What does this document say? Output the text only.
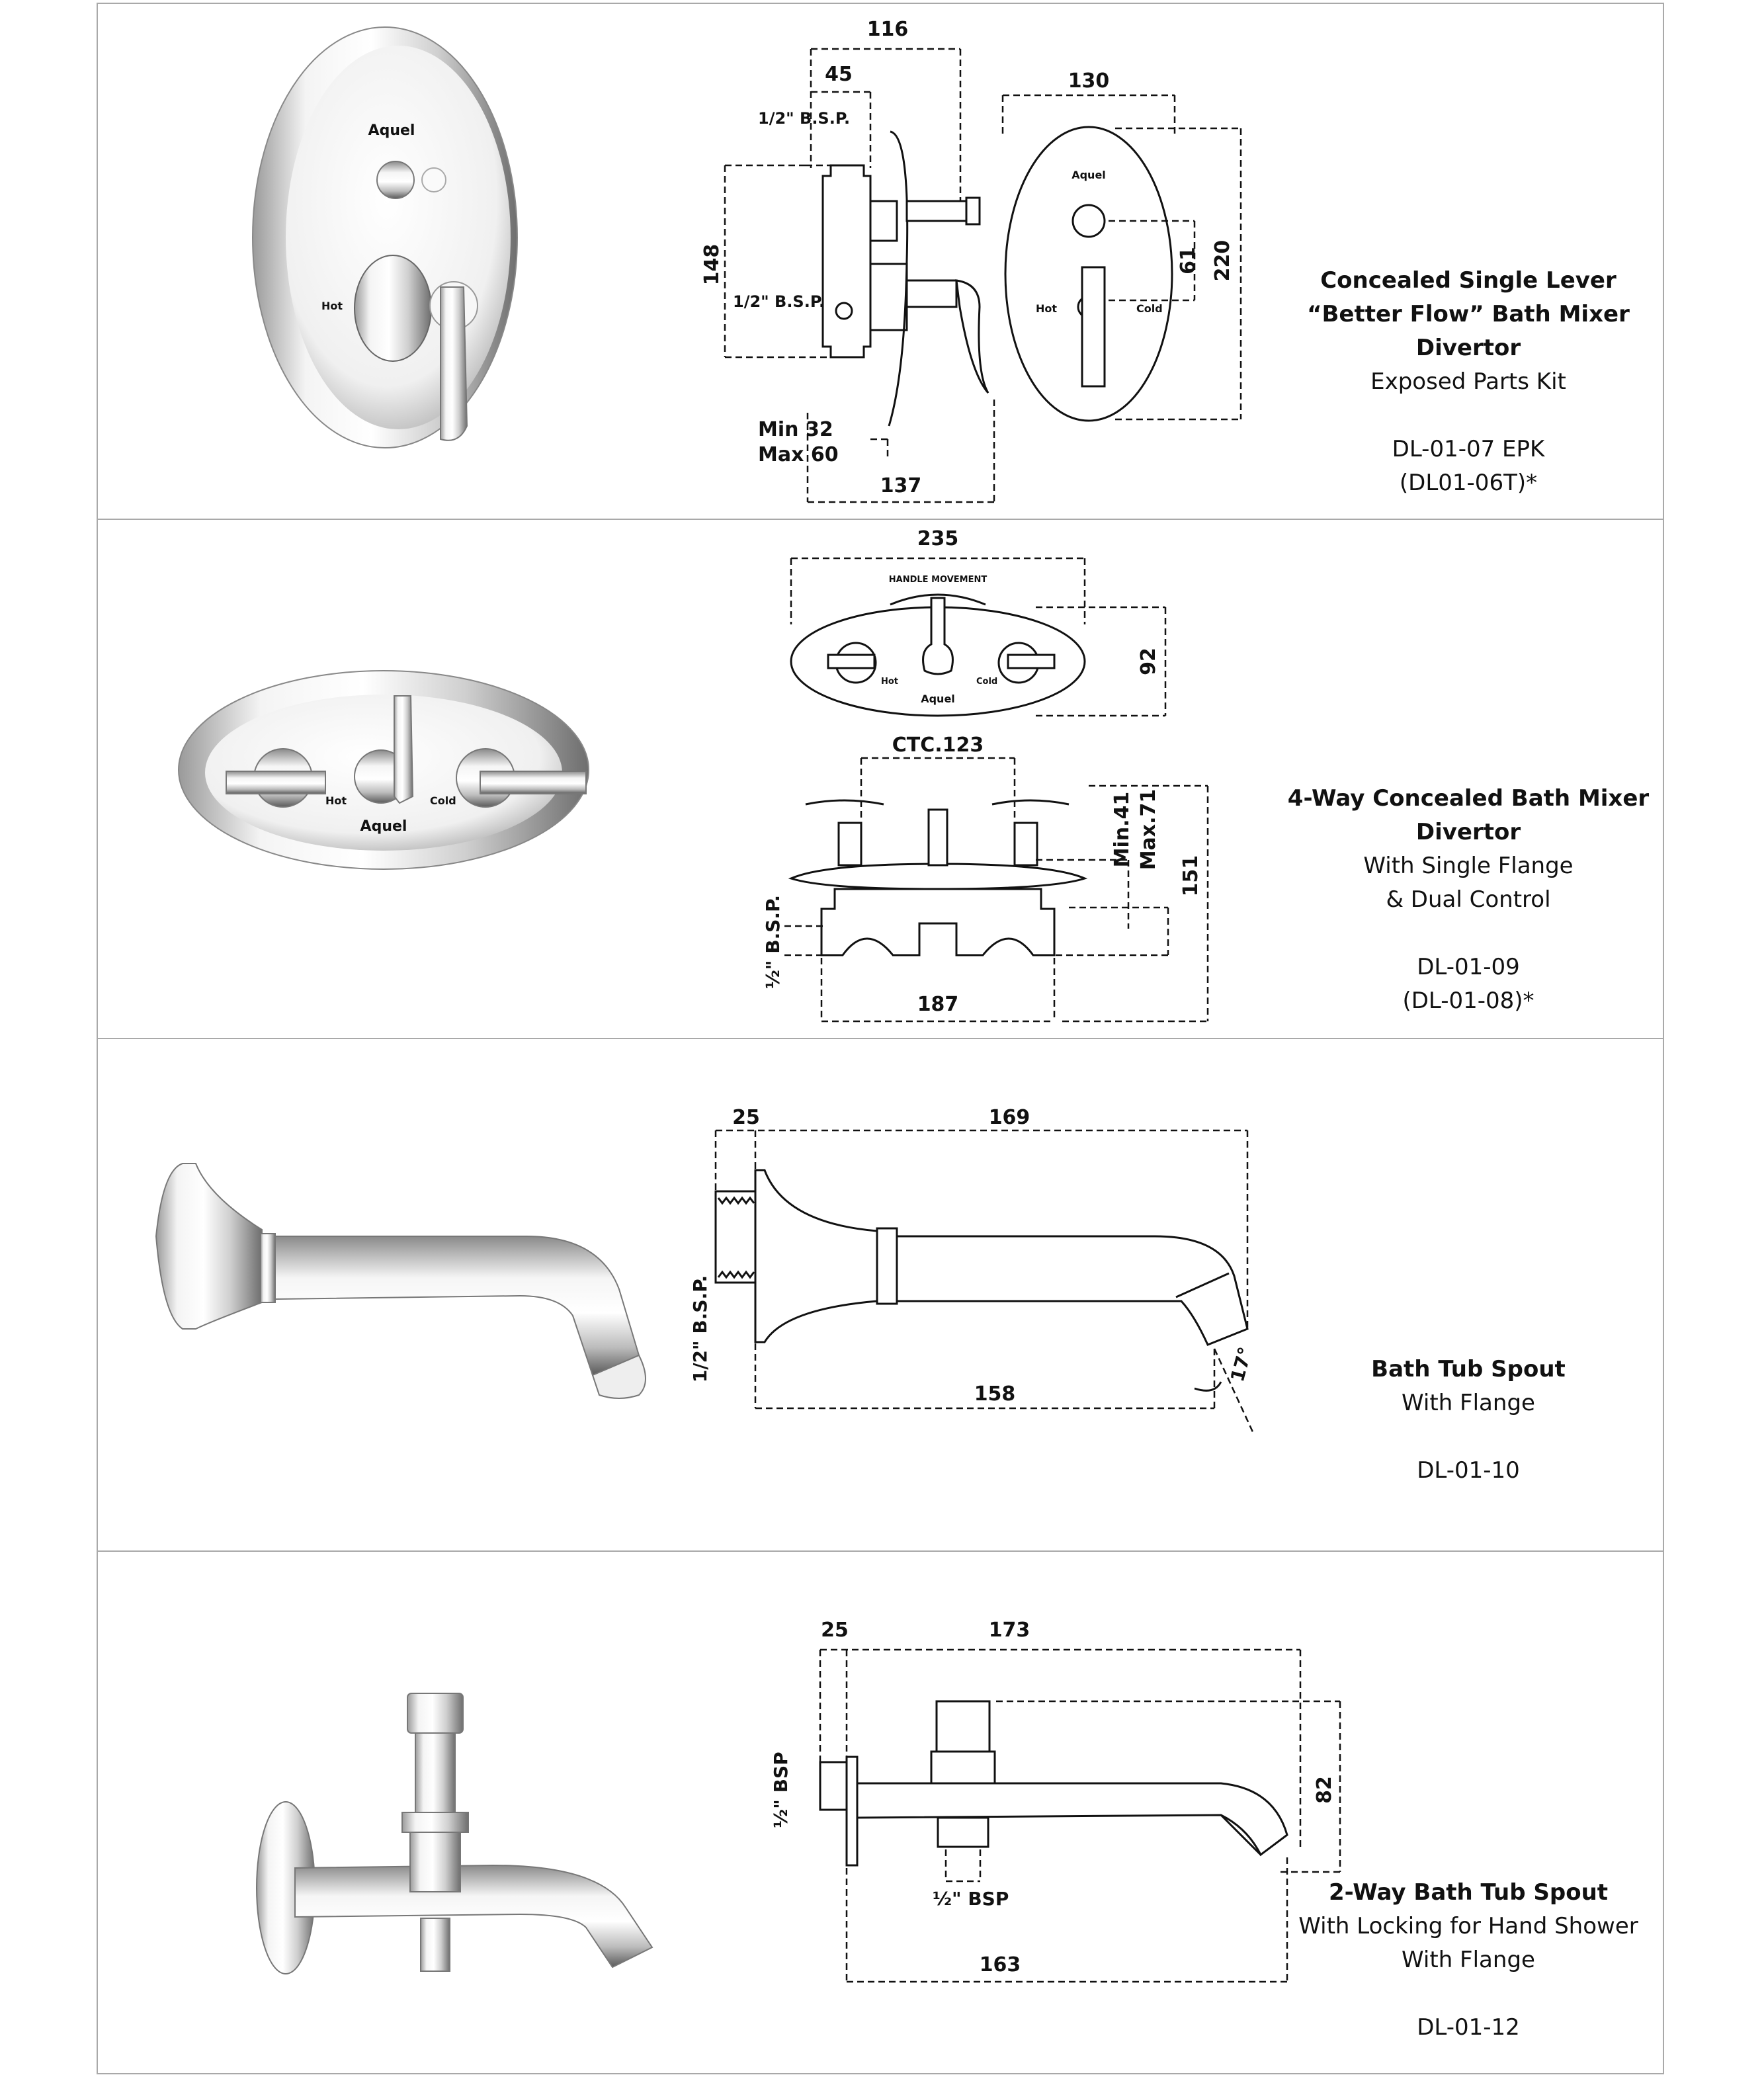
Aquel
Hot
116
45
1/2" B.S.P.
1/2" B.S.P.
148
Min 32
Max 60
137
Aquel
Hot	Cold
130
61 220	Concealed Single Lever
“Better Flow” Bath Mixer
Divertor
Exposed Parts Kit
DL-01-07 EPK
(DL01-06T)*
Aquel
Hot	Cold
235
HANDLE MOVEMENT
Aquel
Hot	Cold
92
CTC.123
Min.41 Max.71
151
½" B.S.P.
187
4-Way Concealed Bath Mixer
Divertor
With Single Flange
& Dual Control
DL-01-09
(DL-01-08)*
25	169
1/2" B.S.P.
158
17°	Bath Tub Spout
With Flange
DL-01-10
½" BSP
25	173
82
½" BSP
163
2-Way Bath Tub Spout
With Locking for Hand Shower
With Flange
DL-01-12
